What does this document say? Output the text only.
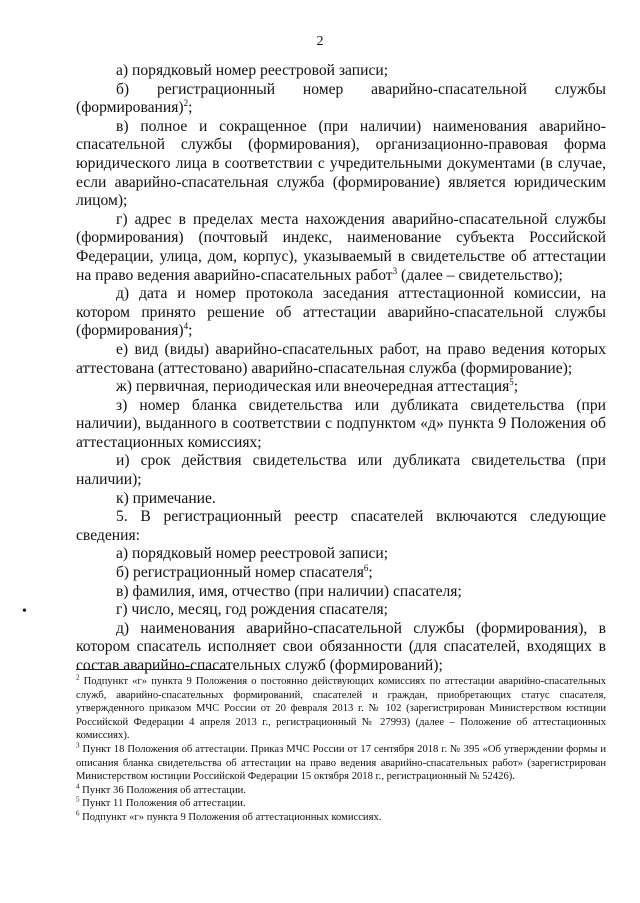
2

а) порядковый номер реестровой записи;

б) регистрационный номер аварийно-спасательной службы (формирования)$^2$;

в) полное и сокращенное (при наличии) наименования аварийно-спасательной службы (формирования), организационно-правовая форма юридического лица в соответствии с учредительными документами (в случае, если аварийно-спасательная служба (формирование) является юридическим лицом);

г) адрес в пределах места нахождения аварийно-спасательной службы (формирования) (почтовый индекс, наименование субъекта Российской Федерации, улица, дом, корпус), указываемый в свидетельстве об аттестации на право ведения аварийно-спасательных работ$^3$ (далее – свидетельство);

д) дата и номер протокола заседания аттестационной комиссии, на котором принято решение об аттестации аварийно-спасательной службы (формирования)$^4$;

е) вид (виды) аварийно-спасательных работ, на право ведения которых аттестована (аттестовано) аварийно-спасательная служба (формирование);

ж) первичная, периодическая или внеочередная аттестация$^5$;

з) номер бланка свидетельства или дубликата свидетельства (при наличии), выданного в соответствии с подпунктом «д» пункта 9 Положения об аттестационных комиссиях;

и) срок действия свидетельства или дубликата свидетельства (при наличии);

к) примечание.

5. В регистрационный реестр спасателей включаются следующие сведения:

а) порядковый номер реестровой записи;

б) регистрационный номер спасателя$^6$;

в) фамилия, имя, отчество (при наличии) спасателя;

г) число, месяц, год рождения спасателя;

д) наименования аварийно-спасательной службы (формирования), в котором спасатель исполняет свои обязанности (для спасателей, входящих в состав аварийно-спасательных служб (формирований);

•

$^2$ Подпункт «г» пункта 9 Положения о постоянно действующих комиссиях по аттестации аварийно-спасательных служб, аварийно-спасательных формирований, спасателей и граждан, приобретающих статус спасателя, утвержденного приказом МЧС России от 20 февраля 2013 г. № 102 (зарегистрирован Министерством юстиции Российской Федерации 4 апреля 2013 г., регистрационный № 27993) (далее – Положение об аттестационных комиссиях).

$^3$ Пункт 18 Положения об аттестации. Приказ МЧС России от 17 сентября 2018 г. № 395 «Об утверждении формы и описания бланка свидетельства об аттестации на право ведения аварийно-спасательных работ» (зарегистрирован Министерством юстиции Российской Федерации 15 октября 2018 г., регистрационный № 52426).

$^4$ Пункт 36 Положения об аттестации.

$^5$ Пункт 11 Положения об аттестации.

$^6$ Подпункт «г» пункта 9 Положения об аттестационных комиссиях.
